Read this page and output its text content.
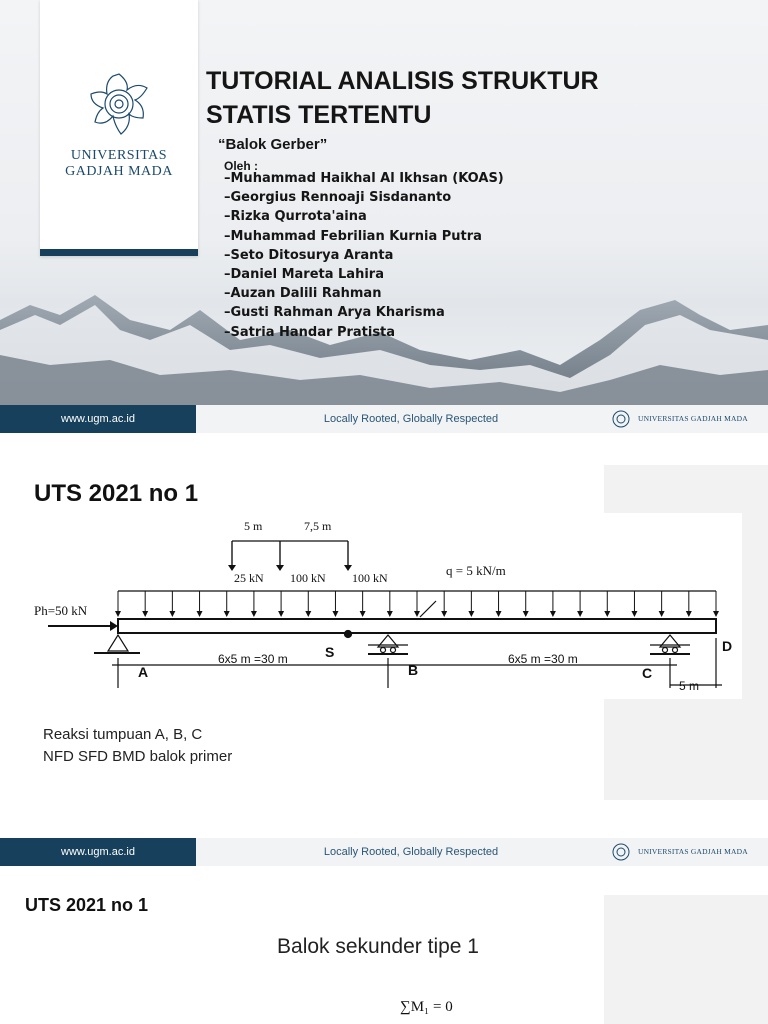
UNIVERSITAS
GADJAH MADA
TUTORIAL ANALISIS STRUKTUR
STATIS TERTENTU
“Balok Gerber”
Oleh :
–Muhammad Haikhal Al Ikhsan (KOAS)
–Georgius Rennoaji Sisdananto
–Rizka Qurrota'aina
–Muhammad Febrilian Kurnia Putra
–Seto Ditosurya Aranta
–Daniel Mareta Lahira
–Auzan Dalili Rahman
–Gusti Rahman Arya Kharisma
–Satria Handar Pratista
www.ugm.ac.id	Locally Rooted, Globally Respected	UNIVERSITAS GADJAH MADA
UTS 2021 no 1
5 m	7,5 m
25 kN 100 kN 100 kN	q = 5 kN/m
Ph=50 kN
A
S
B	C
D
6x5 m =30 m	6x5 m =30 m
5 m
Reaksi tumpuan A, B, C
NFD SFD BMD balok primer
www.ugm.ac.id	Locally Rooted, Globally Respected	UNIVERSITAS GADJAH MADA
UTS 2021 no 1
Balok sekunder tipe 1
∑M₁ = 0
